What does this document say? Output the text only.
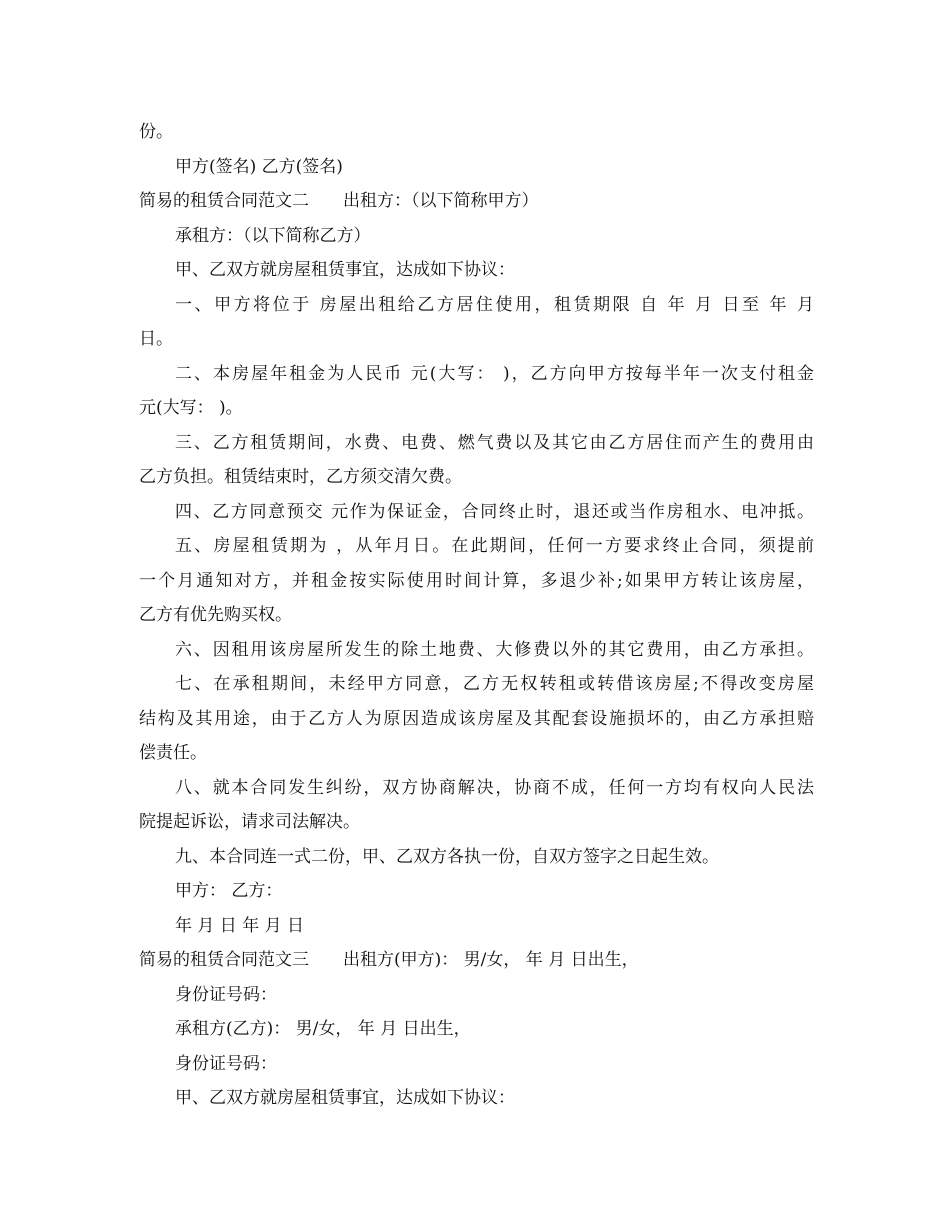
份。
甲方(签名) 乙方(签名)
简易的租赁合同范文二　　出租方：（以下简称甲方）
承租方：（以下简称乙方）
甲、乙双方就房屋租赁事宜，达成如下协议：
一、甲方将位于 房屋出租给乙方居住使用，租赁期限 自 年 月 日至 年 月
日。
二、本房屋年租金为人民币 元(大写： )，乙方向甲方按每半年一次支付租金
元(大写： )。
三、乙方租赁期间，水费、电费、燃气费以及其它由乙方居住而产生的费用由
乙方负担。租赁结束时，乙方须交清欠费。
四、乙方同意预交 元作为保证金，合同终止时，退还或当作房租水、电冲抵。
五、房屋租赁期为 ，从年月日。在此期间，任何一方要求终止合同，须提前
一个月通知对方，并租金按实际使用时间计算，多退少补;如果甲方转让该房屋，
乙方有优先购买权。
六、因租用该房屋所发生的除土地费、大修费以外的其它费用，由乙方承担。
七、在承租期间，未经甲方同意，乙方无权转租或转借该房屋;不得改变房屋
结构及其用途，由于乙方人为原因造成该房屋及其配套设施损坏的，由乙方承担赔
偿责任。
八、就本合同发生纠纷，双方协商解决，协商不成，任何一方均有权向人民法
院提起诉讼，请求司法解决。
九、本合同连一式二份，甲、乙双方各执一份，自双方签字之日起生效。
甲方： 乙方：
年 月 日 年 月 日
简易的租赁合同范文三　　出租方(甲方)： 男/女， 年 月 日出生，
身份证号码：
承租方(乙方)： 男/女， 年 月 日出生，
身份证号码：
甲、乙双方就房屋租赁事宜，达成如下协议：
